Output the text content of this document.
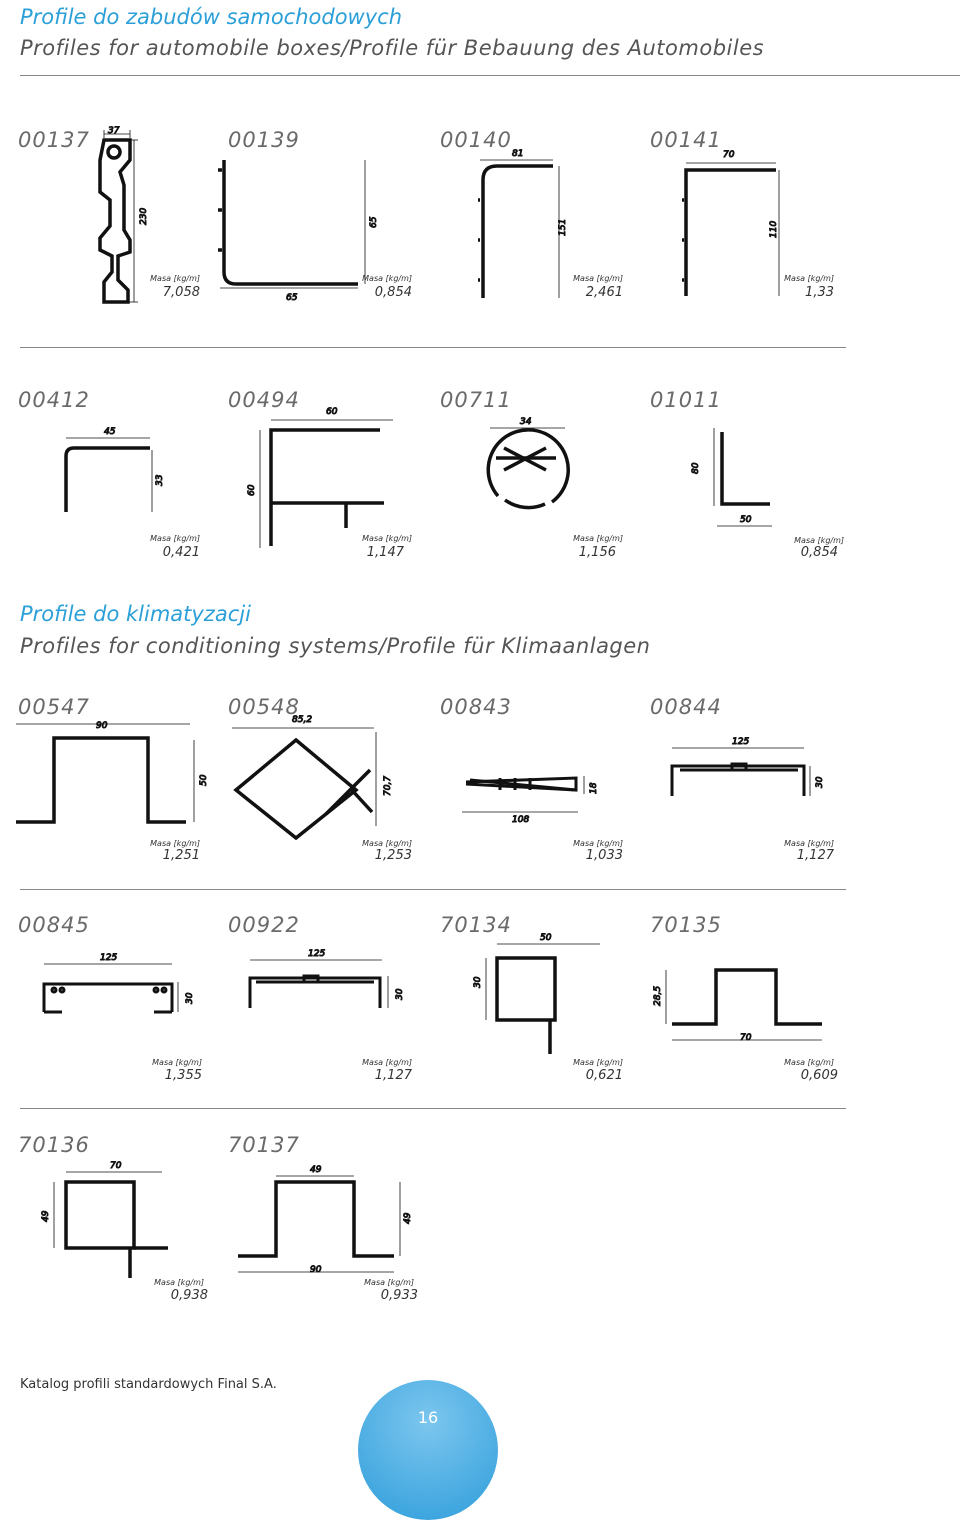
Profile do zabudów samochodowych
Profiles for automobile boxes/Profile für Bebauung des Automobiles
00137	00139	00140	00141
00412	00494	00711	01011
Profile do klimatyzacji
Profiles for conditioning systems/Profile für Klimaanlagen
00547	00548	00843	00844
00845	00922	70134	70135
70136	70137
Masa [kg/m]
7,058
Masa [kg/m]
0,854
Masa [kg/m]
2,461
Masa [kg/m]
1,33
Masa [kg/m]
0,421
Masa [kg/m]
1,147
Masa [kg/m]
1,156
Masa [kg/m]
0,854
Masa [kg/m]
1,251
Masa [kg/m]
1,253
Masa [kg/m]
1,033
Masa [kg/m]
1,127
Masa [kg/m]
1,355
Masa [kg/m]
1,127
Masa [kg/m]
0,621
Masa [kg/m]
0,609
Masa [kg/m]
0,938
Masa [kg/m]
0,933
37
230	65
65
81
151
70
110
45
33
60
60
34
80
50
90
50
85,2
70,7
108
18
125
30
125
30
125
30
50
30
28,5
70
70
49
49
49
90
Katalog profili standardowych Final S.A.
16
